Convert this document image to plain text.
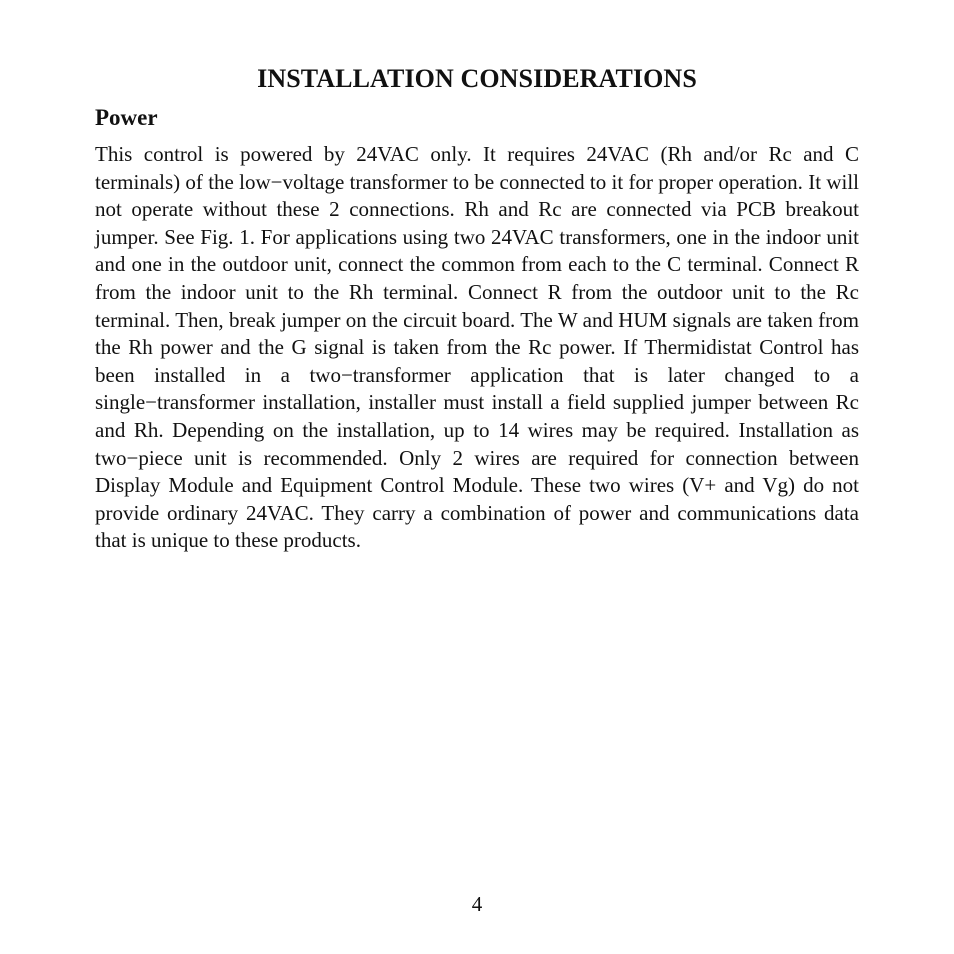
INSTALLATION CONSIDERATIONS
Power

This control is powered by 24VAC only. It requires 24VAC (Rh and/or Rc and C terminals) of the low−voltage transformer to be connected to it for proper operation. It will not operate without these 2 connections. Rh and Rc are connected via PCB breakout jumper. See Fig. 1. For applications using two 24VAC transformers, one in the indoor unit and one in the outdoor unit, connect the common from each to the C terminal. Connect R from the indoor unit to the Rh terminal. Connect R from the outdoor unit to the Rc terminal. Then, break jumper on the circuit board. The W and HUM signals are taken from the Rh power and the G signal is taken from the Rc power. If Thermidistat Control has been installed in a two−transformer application that is later changed to a single−transformer installation, installer must install a field supplied jumper between Rc and Rh. Depending on the installation, up to 14 wires may be required. Installation as two−piece unit is recommended. Only 2 wires are required for connection between Display Module and Equipment Control Module. These two wires (V+ and Vg) do not provide ordinary 24VAC. They carry a combination of power and communications data that is unique to these products.

4
